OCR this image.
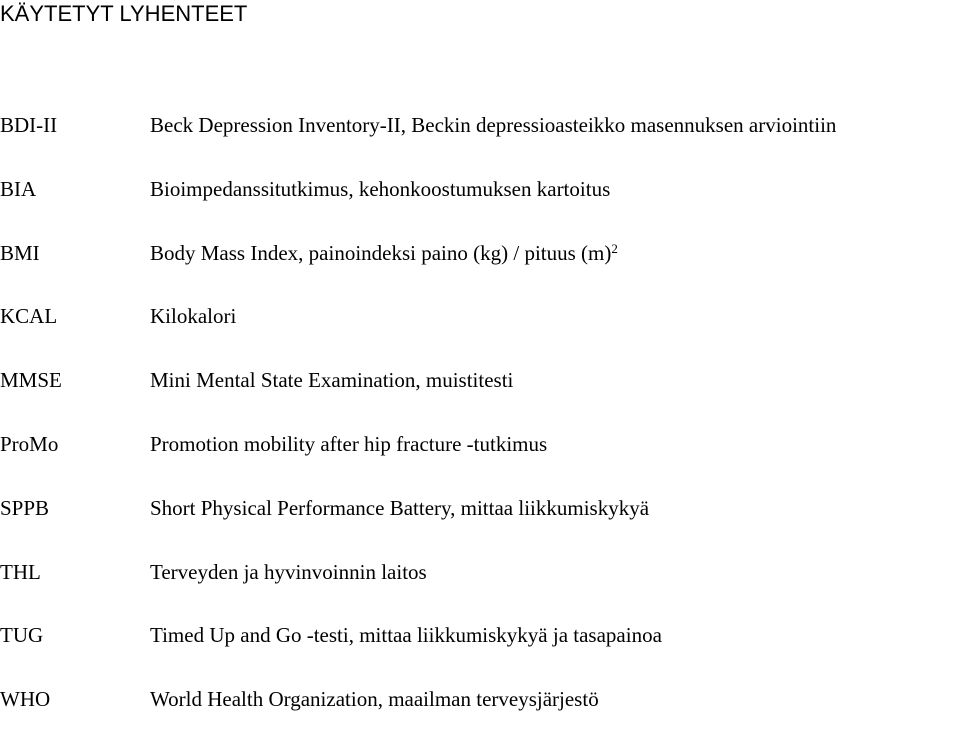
KÄYTETYT LYHENTEET
BDI-II	Beck Depression Inventory-II, Beckin depressioasteikko masennuksen arviointiin
BIA	Bioimpedanssitutkimus, kehonkoostumuksen kartoitus
BMI	Body Mass Index, painoindeksi paino (kg) / pituus $(m)^2$
KCAL	Kilokalori
MMSE	Mini Mental State Examination, muistitesti
ProMo	Promotion mobility after hip fracture -tutkimus
SPPB	Short Physical Performance Battery, mittaa liikkumiskykyä
THL	Terveyden ja hyvinvoinnin laitos
TUG	Timed Up and Go -testi, mittaa liikkumiskykyä ja tasapainoa
WHO	World Health Organization, maailman terveysjärjestö
